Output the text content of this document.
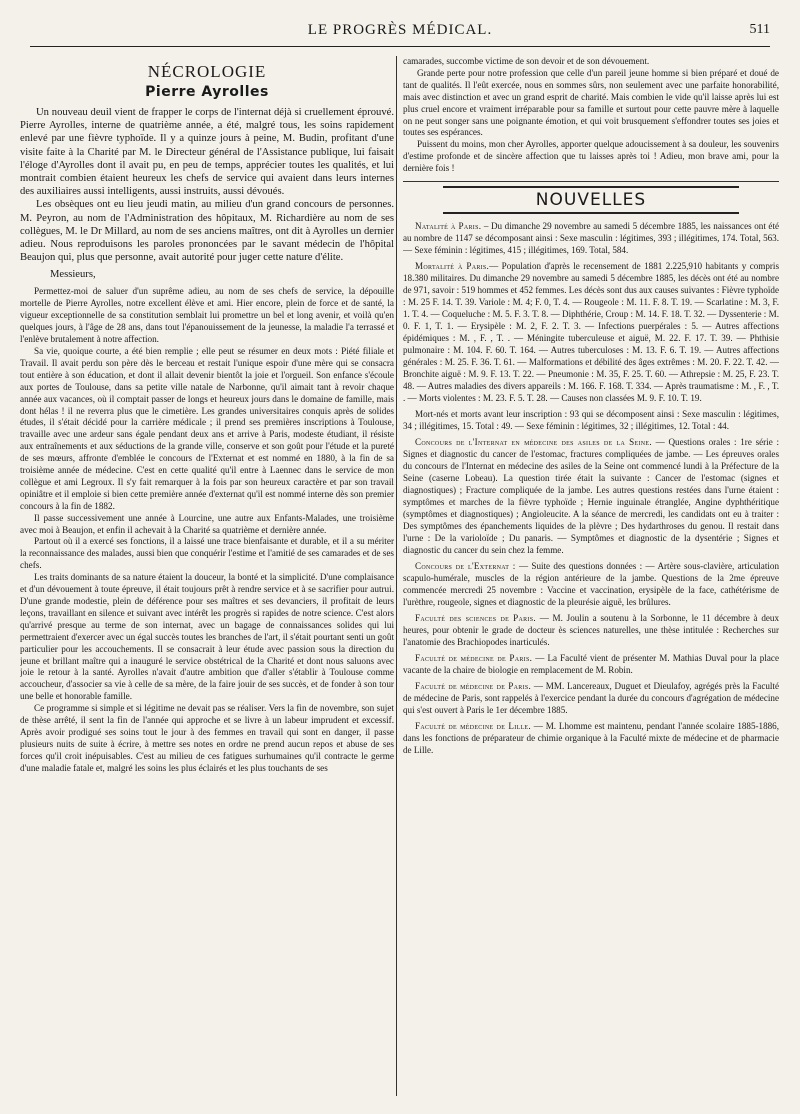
LE PROGRÈS MÉDICAL.	511
NÉCROLOGIE
Pierre Ayrolles

Un nouveau deuil vient de frapper le corps de l'internat déjà si cruellement éprouvé. Pierre Ayrolles, interne de quatrième année, a été, malgré tous, les soins rapidement enlevé par une fièvre typhoïde. Il y a quinze jours à peine, M. Budin, profitant d'une visite faite à la Charité par M. le Directeur général de l'Assistance publique, lui faisait l'éloge d'Ayrolles dont il avait pu, en peu de temps, apprécier toutes les qualités, et lui montrait combien étaient heureux les chefs de service qui avaient dans leurs internes des auxiliaires aussi intelligents, aussi instruits, aussi dévoués.

Les obsèques ont eu lieu jeudi matin, au milieu d'un grand concours de personnes. M. Peyron, au nom de l'Administration des hôpitaux, M. Richardière au nom de ses collègues, M. le Dr Millard, au nom de ses anciens maîtres, ont dit à Ayrolles un dernier adieu. Nous reproduisons les paroles prononcées par le savant médecin de l'hôpital Beaujon qui, plus que personne, avait autorité pour juger cette nature d'élite.

Messieurs,

Permettez-moi de saluer d'un suprême adieu, au nom de ses chefs de service, la dépouille mortelle de Pierre Ayrolles, notre excellent élève et ami. Hier encore, plein de force et de santé, la vigueur exceptionnelle de sa constitution semblait lui promettre un bel et long avenir, et voilà qu'en quelques jours, à l'âge de 28 ans, dans tout l'épanouissement de la jeunesse, la maladie l'a terrassé et l'enlève brutalement à notre affection.

Sa vie, quoique courte, a été bien remplie ; elle peut se résumer en deux mots : Piété filiale et Travail. Il avait perdu son père dès le berceau et restait l'unique espoir d'une mère qui se consacra tout entière à son éducation, et dont il allait devenir bientôt la joie et l'orgueil. Son enfance s'écoule aux portes de Toulouse, dans sa petite ville natale de Narbonne, qu'il aimait tant à revoir chaque année aux vacances, où il comptait passer de longs et heureux jours dans le domaine de famille, mais dont hélas ! il ne reverra plus que le cimetière. Les grandes universitaires conquis après de solides études, il s'était décidé pour la carrière médicale ; il prend ses premières inscriptions à Toulouse, travaille avec une ardeur sans égale pendant deux ans et arrive à Paris, modeste étudiant, il résiste aux entraînements et aux séductions de la grande ville, conserve et son goût pour l'étude et la pureté de ses mœurs, affronte d'emblée le concours de l'Externat et est nommé en 1880, à la fin de sa troisième année de médecine. C'est en cette qualité qu'il entre à Laennec dans le service de mon collègue et ami Legroux. Il s'y fait remarquer à la fois par son heureux caractère et par son travail opiniâtre et il emploie si bien cette première année d'externat qu'il est nommé interne dès son premier concours à la fin de 1882.

Il passe successivement une année à Lourcine, une autre aux Enfants-Malades, une troisième avec moi à Beaujon, et enfin il achevait à la Charité sa quatrième et dernière année.

Partout où il a exercé ses fonctions, il a laissé une trace bienfaisante et durable, et il a su mériter la reconnaissance des malades, aussi bien que conquérir l'estime et l'amitié de ses camarades et de ses chefs.

Les traits dominants de sa nature étaient la douceur, la bonté et la simplicité. D'une complaisance et d'un dévouement à toute épreuve, il était toujours prêt à rendre service et à se sacrifier pour autrui. D'une grande modestie, plein de déférence pour ses maîtres et ses devanciers, il profitait de leurs leçons, travaillant en silence et suivant avec intérêt les progrès si rapides de notre science. C'est alors qu'arrivé presque au terme de son internat, avec un bagage de connaissances solides qui lui permettraient d'exercer avec un égal succès toutes les branches de l'art, il s'était pourtant senti un goût particulier pour les accouchements. Il se consacrait à leur étude avec passion sous la direction du jeune et brillant maître qui a inauguré le service obstétrical de la Charité et dont nous saluons avec joie le retour à la santé. Ayrolles n'avait d'autre ambition que d'aller s'établir à Toulouse comme accoucheur, d'associer sa vie à celle de sa mère, de la faire jouir de ses succès, et de fonder à son tour une belle et honorable famille.

Ce programme si simple et si légitime ne devait pas se réaliser. Vers la fin de novembre, son sujet de thèse arrêté, il sent la fin de l'année qui approche et se livre à un labeur imprudent et excessif. Après avoir prodigué ses soins tout le jour à des femmes en travail qui sont en danger, il passe plusieurs nuits de suite à écrire, à mettre ses notes en ordre ne prend aucun repos et abuse de ses forces qu'il croit inépuisables. C'est au milieu de ces fatigues surhumaines qu'il contracte le germe d'une maladie fatale et, malgré les soins les plus éclairés et les plus touchants de ses

camarades, succombe victime de son devoir et de son dévouement.

Grande perte pour notre profession que celle d'un pareil jeune homme si bien préparé et doué de tant de qualités. Il l'eût exercée, nous en sommes sûrs, non seulement avec une parfaite honorabilité, mais avec distinction et avec un grand esprit de charité. Mais combien le vide qu'il laisse après lui est plus cruel encore et vraiment irréparable pour sa famille et surtout pour cette pauvre mère à laquelle on ne peut songer sans une poignante émotion, et qui voit brusquement s'effondrer toutes ses joies et toutes ses espérances.

Puissent du moins, mon cher Ayrolles, apporter quelque adoucissement à sa douleur, les souvenirs d'estime profonde et de sincère affection que tu laisses après toi ! Adieu, mon brave ami, pour la dernière fois !

NOUVELLES

Natalité à Paris. – Du dimanche 29 novembre au samedi 5 décembre 1885, les naissances ont été au nombre de 1147 se décomposant ainsi : Sexe masculin : légitimes, 393 ; illégitimes, 174. Total, 563. — Sexe féminin : légitimes, 415 ; illégitimes, 169. Total, 584.

Mortalité à Paris.— Population d'après le recensement de 1881 2.225,910 habitants y compris 18.380 militaires. Du dimanche 29 novembre au samedi 5 décembre 1885, les décès ont été au nombre de 971, savoir : 519 hommes et 452 femmes. Les décès sont dus aux causes suivantes : Fièvre typhoïde : M. 25 F. 14. T. 39. Variole : M. 4; F. 0, T. 4. — Rougeole : M. 11. F. 8. T. 19. — Scarlatine : M. 3, F. 1. T. 4. — Coqueluche : M. 5. F. 3. T. 8. — Diphthérie, Croup : M. 14. F. 18. T. 32. — Dyssenterie : M. 0. F. 1, T. 1. — Erysipèle : M. 2, F. 2. T. 3. — Infections puerpérales : 5. — Autres affections épidémiques : M. , F. , T. . — Méningite tuberculeuse et aiguë, M. 22. F. 17. T. 39. — Phthisie pulmonaire : M. 104. F. 60. T. 164. — Autres tuberculoses : M. 13. F. 6. T. 19. — Autres affections générales : M. 25. F. 36. T. 61. — Malformations et débilité des âges extrêmes : M. 20. F. 22. T. 42. — Bronchite aiguë : M. 9. F. 13. T. 22. — Pneumonie : M. 35, F. 25. T. 60. — Athrepsie : M. 25, F. 23. T. 48. — Autres maladies des divers appareils : M. 166. F. 168. T. 334. — Après traumatisme : M. , F. , T. . — Morts violentes : M. 23. F. 5. T. 28. — Causes non classées M. 9. F. 10. T. 19.

Mort-nés et morts avant leur inscription : 93 qui se décomposent ainsi : Sexe masculin : légitimes, 34 ; illégitimes, 15. Total : 49. — Sexe féminin : légitimes, 32 ; illégitimes, 12. Total : 44.

Concours de l'Internat en médecine des asiles de la Seine. — Questions orales : 1re série : Signes et diagnostic du cancer de l'estomac, fractures compliquées de jambe. — Les épreuves orales du concours de l'Internat en médecine des asiles de la Seine ont commencé lundi à la Préfecture de la Seine (caserne Lobeau). La question tirée était la suivante : Cancer de l'estomac (signes et diagnostiques) ; Fracture compliquée de la jambe. Les autres questions restées dans l'urne étaient : symptômes et marches de la fièvre typhoïde ; Hernie inguinale étranglée, Angine dyphthéritique (symptômes et diagnostiques) ; Angioleucite. A la séance de mercredi, les candidats ont eu à traiter : Des symptômes des épanchements liquides de la plèvre ; Des hydarthroses du genou. Il restait dans l'urne : De la varioloïde ; Du panaris. — Symptômes et diagnostic de la dysentérie ; Signes et diagnostic du cancer du sein chez la femme.

Concours de l'Externat : — Suite des questions données : — Artère sous-clavière, articulation scapulo-humérale, muscles de la région antérieure de la jambe. Questions de la 2me épreuve commencée mercredi 25 novembre : Vaccine et vaccination, erysipèle de la face, cathétérisme de l'urèthre, rougeole, signes et diagnostic de la pleurésie aiguë, les brûlures.

Faculté des sciences de Paris. — M. Joulin a soutenu à la Sorbonne, le 11 décembre à deux heures, pour obtenir le grade de docteur ès sciences naturelles, une thèse intitulée : Recherches sur l'anatomie des Brachiopodes inarticulés.

Faculté de médecine de Paris. — La Faculté vient de présenter M. Mathias Duval pour la place vacante de la chaire de biologie en remplacement de M. Robin.

Faculté de médecine de Paris. — MM. Lancereaux, Duguet et Dieulafoy, agrégés près la Faculté de médecine de Paris, sont rappelés à l'exercice pendant la durée du concours d'agrégation de médecine qui s'est ouvert à Paris le 1er décembre 1885.

Faculté de médecine de Lille. — M. Lhomme est maintenu, pendant l'année scolaire 1885-1886, dans les fonctions de préparateur de chimie organique à la Faculté mixte de médecine et de pharmacie de Lille.
